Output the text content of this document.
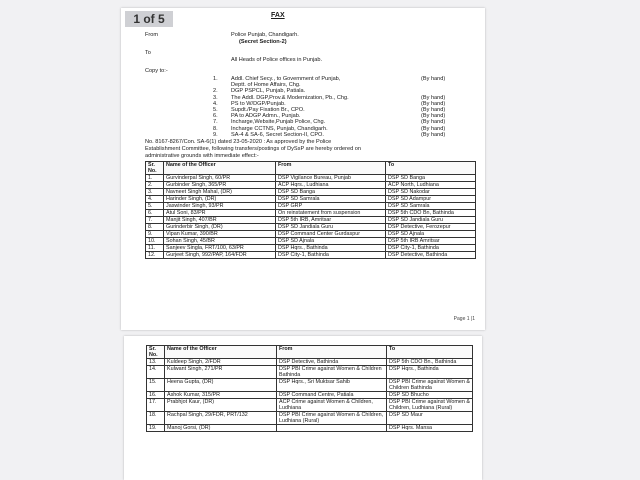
1 of 5	FAX
From	Police Punjab, Chandigarh.
(Secret Section-2)
To
All Heads of Police offices in Punjab.
Copy to:-
1. Addl. Chief Secy., to Government of Punjab,	(By hand)
Deptt. of Home Affairs, Chg.
2. DGP PSPCL, Punjab, Patiala.
3. The Addl. DGP,Prov.& Modernization, Pb., Chg.	(By hand)
4. PS to W/DGP/Punjab.	(By hand)
5. Supdt./Pay Fixation Br., CPO.	(By hand)
6. PA to ADGP Admn., Punjab.	(By hand)
7. Incharge,Website,Punjab Police, Chg.	(By hand)
8. Incharge CCTNS, Punjab, Chandigarh.	(By hand)
9. SA-4 & SA-6, Secret Section-II, CPO.	(By hand)
No. 8167-8267/Con. SA-6(1) dated 23-05-2020 : As approved by the Police
Establishment Committee, following transfers/postings of DySsP are hereby ordered on
administrative grounds with immediate effect:-
Sr. No.	Name of the Officer	From	To
1.	Gurvinderpal Singh, 60/PR	DSP Vigilance Bureau, Punjab	DSP SD Banga
2.	Gurbinder Singh, 365/PR	ACP Hqrs., Ludhiana	ACP North, Ludhiana
3.	Navneet Singh Mahal, (DR)	DSP SD Banga	DSP SD Nakodar
4.	Harinder Singh, (DR)	DSP SD Samrala	DSP SD Adampur
5.	Jaswinder Singh, 93/PR	DSP GRP	DSP SD Samrala
6.	Atul Soni, 83/PR	On reinstatement from suspension	DSP 5th CDO Bn, Bathinda
7.	Manjit Singh, 407/BR	DSP 5th IRB, Amritsar	DSP SD Jandiala Guru
8.	Gurinderbir Singh, (DR)	DSP SD Jandiala Guru	DSP Detective, Ferozepur
9.	Vipan Kumar, 390/BR	DSP Command Center Gurdaspur	DSP SD Ajnala
10.	Sohan Singh, 45/BR	DSP SD Ajnala	DSP 5th IRB Amritsar
11.	Sanjeev Singla, FRT/100, 63/PR	DSP Hqrs., Bathinda	DSP City-1, Bathinda
12.	Gurjeet Singh, 992/PAP, 164/FDR	DSP City-1, Bathinda	DSP Detective, Bathinda
Page 1 |1
Sr. No.	Name of the Officer	From	To
13.	Kuldeep Singh, 2/FDR	DSP Detective, Bathinda	DSP 5th CDO Bn., Bathinda
14.	Kulwant Singh, 271/PR	DSP PBI Crime against Women & Children Bathinda	DSP Hqrs., Bathinda
15.	Heena Gupta, (DR)	DSP Hqrs., Sri Muktsar Sahib	DSP PBI Crime against Women & Children Bathinda
16.	Ashok Kumar, 315/PR	DSP Command Centre, Patiala	DSP SD Bhucho
17.	Prabhjot Kaur, (DR)	ACP Crime against Women & Children, Ludhiana	DSP PBI Crime against Women & Children, Ludhiana (Rural)
18.	Rachpal Singh, 29/FDR, PRT/132	DSP PBI Crime against Women & Children, Ludhiana (Rural)	DSP SD Maur
19.	Manoj Gorsi, (DR)		DSP Hqrs. Mansa
